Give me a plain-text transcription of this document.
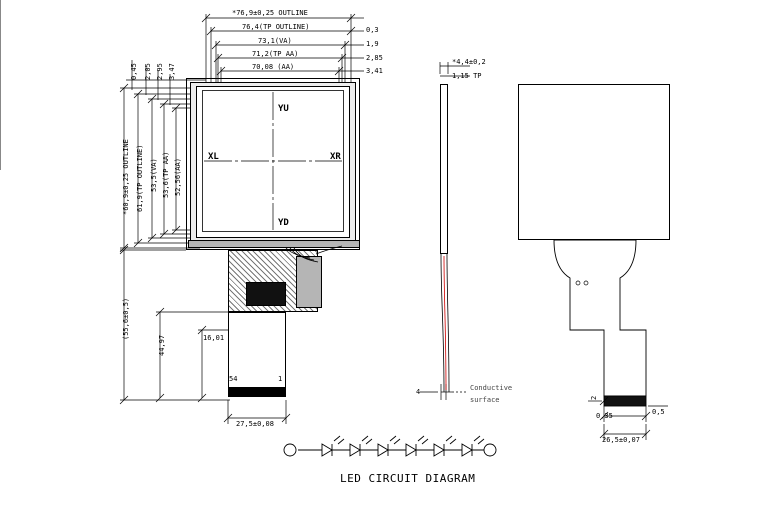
*76,9±0,25 OUTLINE
76,4(TP OUTLINE)
73,1(VA)
71,2(TP AA)
70,08 (AA)
0,3
1,9
2,85
3,41
*60,9±0,25 OUTLINE 61,9(TP OUTLINE) 53,5(VA) 53,6(TP AA) 52,56(AA)
0,45 2,05 2,95 3,47
YU
YD
XL	XR
54	1
(55,6±0,5)
44,97	16,01
27,5±0,08
*4,4±0,2
1,15 TP
4	Conductive
surface	2
0,35	0,5
26,5±0,07
LED CIRCUIT DIAGRAM
